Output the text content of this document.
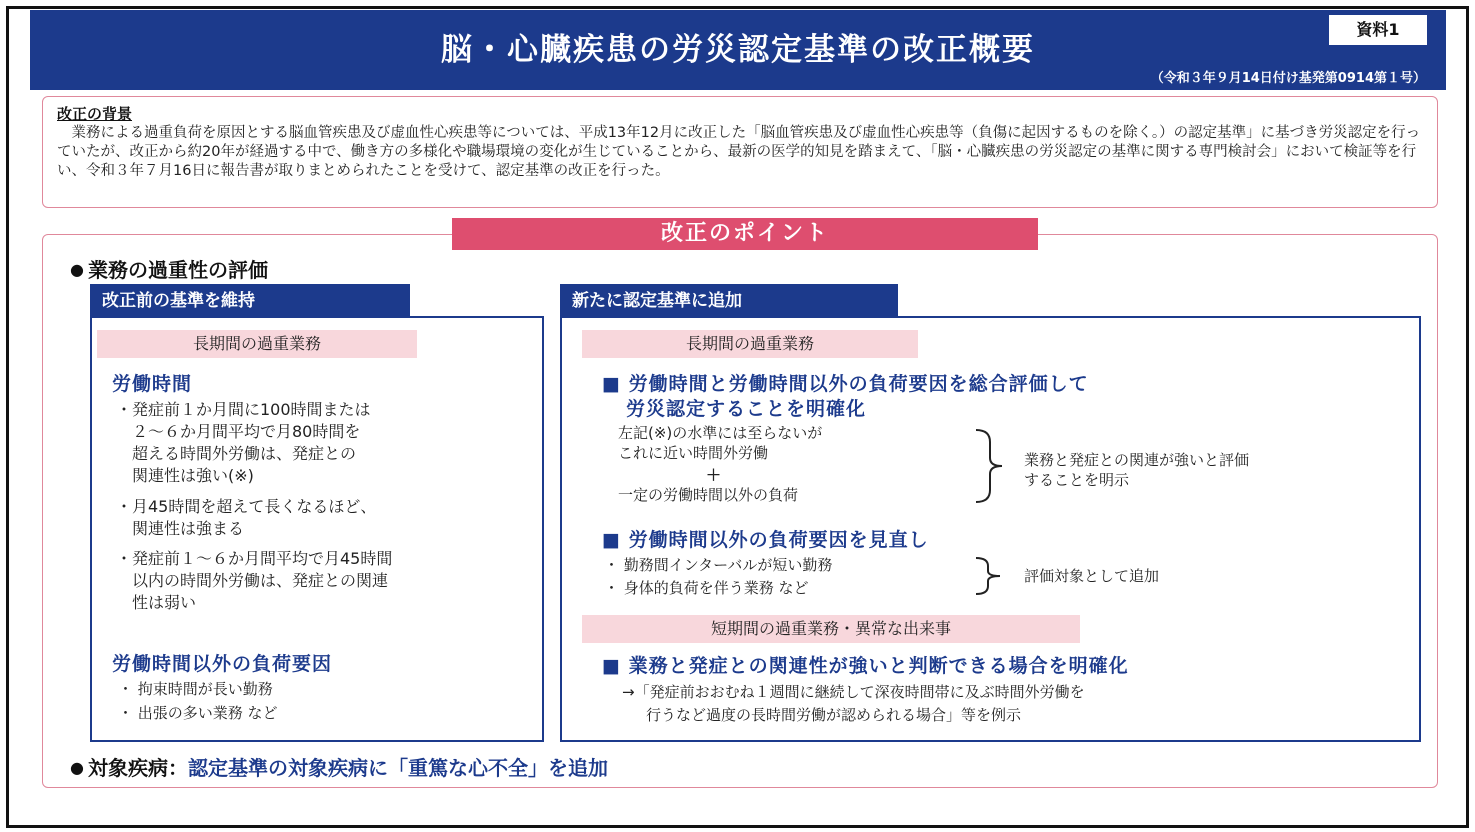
脳・心臓疾患の労災認定基準の改正概要
（令和３年９月14日付け基発第0914第１号）
資料1
改正の背景
業務による過重負荷を原因とする脳血管疾患及び虚血性心疾患等については、平成13年12月に改正した「脳血管疾患及び虚血性心疾患等（負傷に起因するものを除く。）の認定基準」に基づき労災認定を行っていたが、改正から約20年が経過する中で、働き方の多様化や職場環境の変化が生じていることから、最新の医学的知見を踏まえて、「脳・心臓疾患の労災認定の基準に関する専門検討会」において検証等を行い、令和３年７月16日に報告書が取りまとめられたことを受けて、認定基準の改正を行った。
改正のポイント
● 業務の過重性の評価
改正前の基準を維持
長期間の過重業務
労働時間
・発症前１か月間に100時間または
　２～６か月間平均で月80時間を
　超える時間外労働は、発症との
　関連性は強い(※)
・月45時間を超えて長くなるほど、
　関連性は強まる
・発症前１～６か月間平均で月45時間
　以内の時間外労働は、発症との関連
　性は弱い
労働時間以外の負荷要因
・ 拘束時間が長い勤務
・ 出張の多い業務 など
新たに認定基準に追加
長期間の過重業務
■ 労働時間と労働時間以外の負荷要因を総合評価して
労災認定することを明確化
左記(※)の水準には至らないが
これに近い時間外労働
＋
一定の労働時間以外の負荷
業務と発症との関連が強いと評価
することを明示
■ 労働時間以外の負荷要因を見直し
・ 勤務間インターバルが短い勤務
・ 身体的負荷を伴う業務 など
評価対象として追加
短期間の過重業務・異常な出来事
■ 業務と発症との関連性が強いと判断できる場合を明確化
→「発症前おおむね１週間に継続して深夜時間帯に及ぶ時間外労働を
行うなど過度の長時間労働が認められる場合」等を例示
● 対象疾病：認定基準の対象疾病に「重篤な心不全」を追加
